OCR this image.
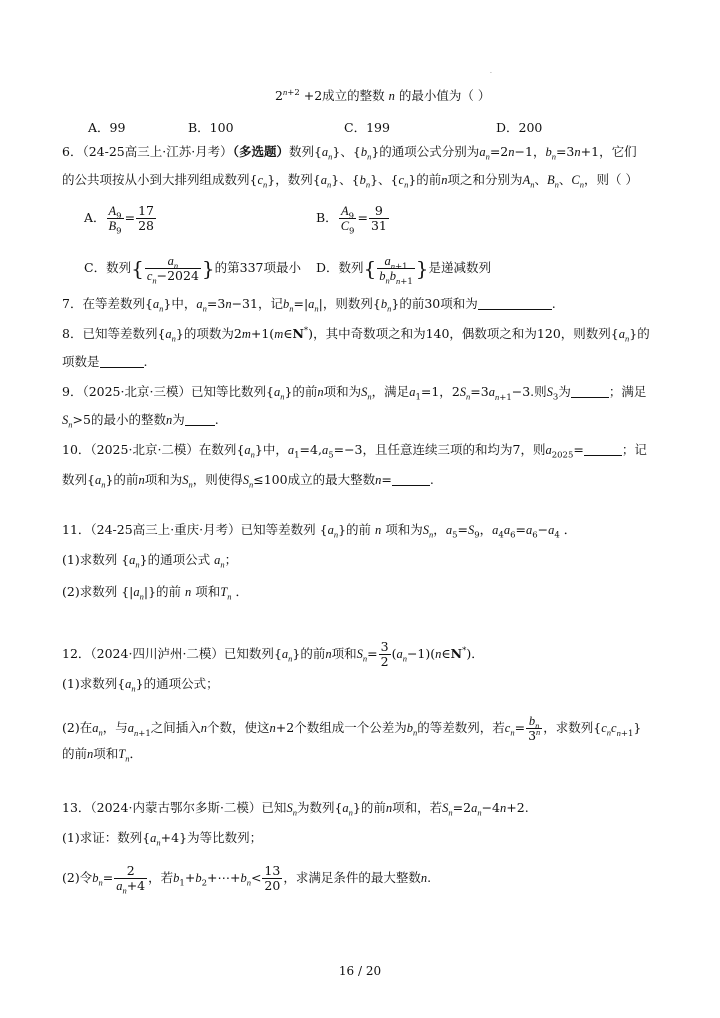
·
$2^{n+2} +2$成立的整数 n 的最小值为（ ）
A．99	B．100	C．199	D．200
6．（24-25高三上·江苏·月考）（多选题）数列$\{a_n\}$、$\{b_n\}$的通项公式分别为$a_n=2n-1$，$b_n=3n+1$，它们
的公共项按从小到大排列组成数列$\{c_n\}$，数列$\{a_n\}$、$\{b_n\}$、$\{c_n\}$的前n项之和分别为$A_n$、$B_n$、$C_n$，则（ ）
A． $\frac{A_9}{B_9} = \frac{17}{28}$	B． $\frac{A_9}{C_9} = \frac{9}{31}$
C．数列{ $\frac{a_n}{c_n-2024}$ }的第337项最小 D．数列{ $\frac{a_{n+1}}{b_nb_{n+1}}$ }是递减数列
7．在等差数列$\{a_n\}$中，$a_n=3n-31$，记$b_n=|a_n|$，则数列$\{b_n\}$的前30项和为	.
8．已知等差数列$\{a_n\}$的项数为2m+1(m∈N*)，其中奇数项之和为140，偶数项之和为120，则数列$\{a_n\}$的
项数是	.
9．（2025·北京·三模）已知等比数列$\{a_n\}$的前n项和为$S_n$，满足$a_1=1$，$2S_n=3a_{n+1}-3$.则$S_3$为	；满足
$S_n>5$的最小的整数n为 .
10．（2025·北京·二模）在数列$\{a_n\}$中，$a_1=4,a_5=-3$，且任意连续三项的和均为7，则$a_{2025}=$	；记
数列$\{a_n\}$的前n项和为$S_n$，则使得$S_n\le 100$成立的最大整数n=	.
11．（24-25高三上·重庆·月考）已知等差数列 $\{a_n\}$的前 n 项和为$S_n$，$a_5=S_9$，$a_4a_6=a_6-a_4$ ．
(1)求数列 $\{a_n\}$的通项公式 $a_n$；
(2)求数列 $\{|a_n|\}$的前 n 项和$T_n$ ．
12．（2024·四川泸州·二模）已知数列$\{a_n\}$的前n项和$S_n= \frac{3}{2}$ $(a_n-1)(n\in N^*)$．
(1)求数列$\{a_n\}$的通项公式；
(2)在$a_n$，与$a_{n+1}$之间插入n个数，使这n+2个数组成一个公差为$b_n$的等差数列，若$c_n= \frac{b_n}{3^n}$ ，求数列$\{c_nc_{n+1}\}$
的前n项和$T_n$．
13．（2024·内蒙古鄂尔多斯·二模）已知$S_n$为数列$\{a_n\}$的前n项和，若$S_n=2a_n-4n+2$.
(1)求证：数列$\{a_n+4\}$为等比数列；
(2)令$b_n= \frac{2}{a_n+4}$ ，若$b_1+b_2+\cdots+b_n< \frac{13}{20}$ ，求满足条件的最大整数n.
16 / 20
